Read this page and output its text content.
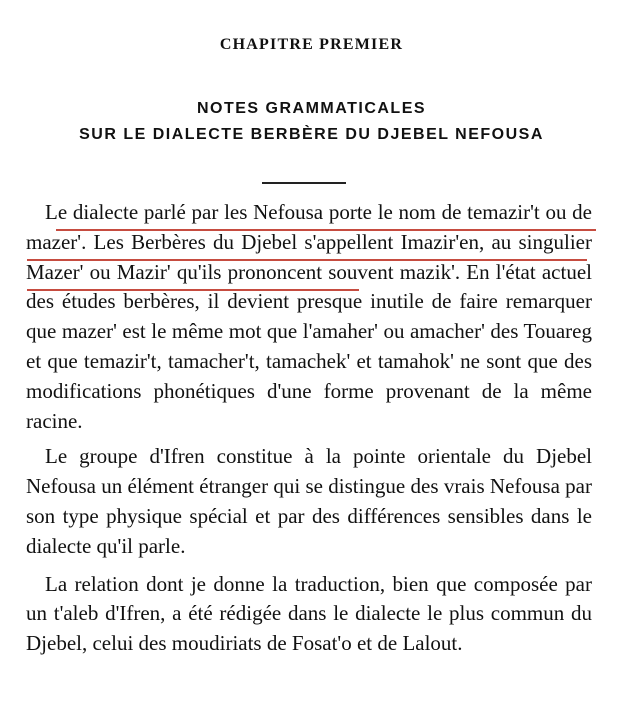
CHAPITRE PREMIER
NOTES GRAMMATICALES
SUR LE DIALECTE BERBÈRE DU DJEBEL NEFOUSA

Le dialecte parlé par les Nefousa porte le nom de temazir't ou de mazer'. Les Berbères du Djebel s'appellent Imazir'en, au singulier Mazer' ou Mazir' qu'ils prononcent souvent mazik'. En l'état actuel des études berbères, il devient presque inutile de faire remarquer que mazer' est le même mot que l'amaher' ou amacher' des Touareg et que temazir't, tamacher't, tamachek' et tamahok' ne sont que des modifications phonétiques d'une forme provenant de la même racine.

Le groupe d'Ifren constitue à la pointe orientale du Djebel Nefousa un élément étranger qui se distingue des vrais Nefousa par son type physique spécial et par des différences sensibles dans le dialecte qu'il parle.

La relation dont je donne la traduction, bien que composée par un t'aleb d'Ifren, a été rédigée dans le dialecte le plus commun du Djebel, celui des moudiriats de Fosat'o et de Lalout.
